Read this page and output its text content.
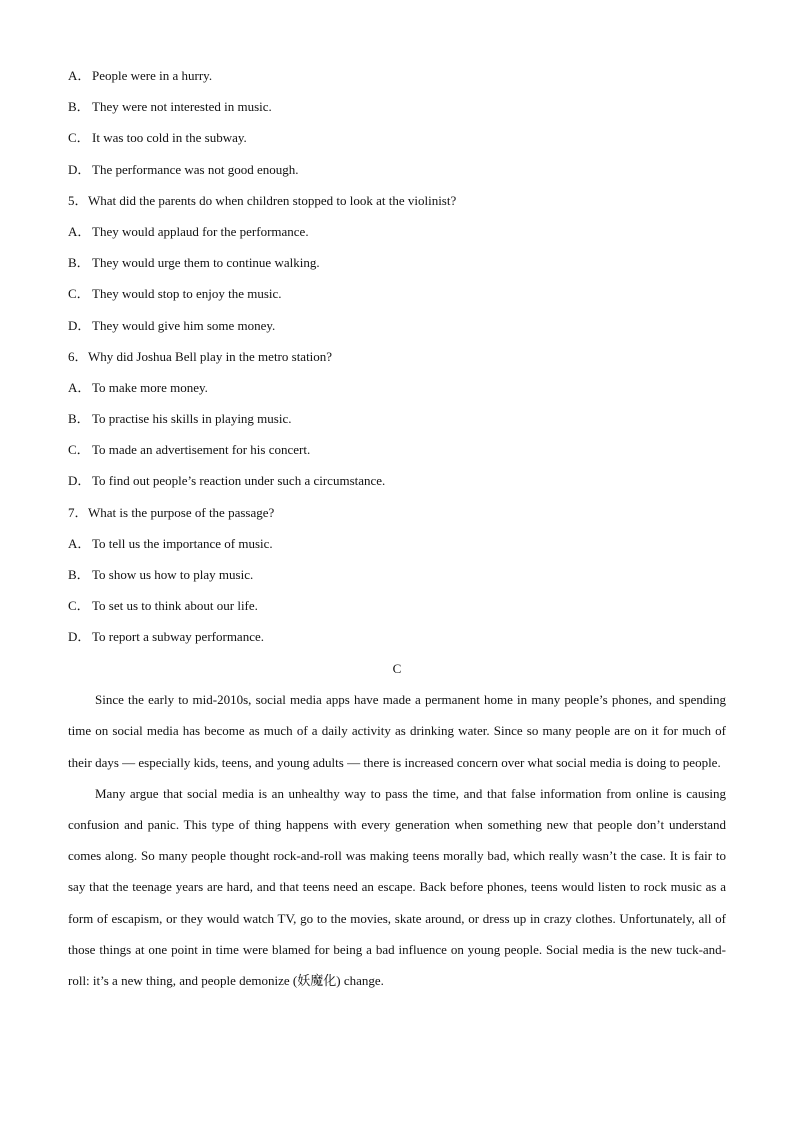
A． People were in a hurry.
B． They were not interested in music.
C． It was too cold in the subway.
D． The performance was not good enough.
5．What did the parents do when children stopped to look at the violinist?
A． They would applaud for the performance.
B． They would urge them to continue walking.
C． They would stop to enjoy the music.
D． They would give him some money.
6．Why did Joshua Bell play in the metro station?
A． To make more money.
B． To practise his skills in playing music.
C． To made an advertisement for his concert.
D． To find out people’s reaction under such a circumstance.
7．What is the purpose of the passage?
A． To tell us the importance of music.
B． To show us how to play music.
C． To set us to think about our life.
D． To report a subway performance.
C

Since the early to mid-2010s, social media apps have made a permanent home in many people’s phones, and spending time on social media has become as much of a daily activity as drinking water. Since so many people are on it for much of their days — especially kids, teens, and young adults — there is increased concern over what social media is doing to people.

Many argue that social media is an unhealthy way to pass the time, and that false information from online is causing confusion and panic. This type of thing happens with every generation when something new that people don’t understand comes along. So many people thought rock-and-roll was making teens morally bad, which really wasn’t the case. It is fair to say that the teenage years are hard, and that teens need an escape. Back before phones, teens would listen to rock music as a form of escapism, or they would watch TV, go to the movies, skate around, or dress up in crazy clothes. Unfortunately, all of those things at one point in time were blamed for being a bad influence on young people. Social media is the new tuck-and-roll: it’s a new thing, and people demonize (妖魔化) change.
